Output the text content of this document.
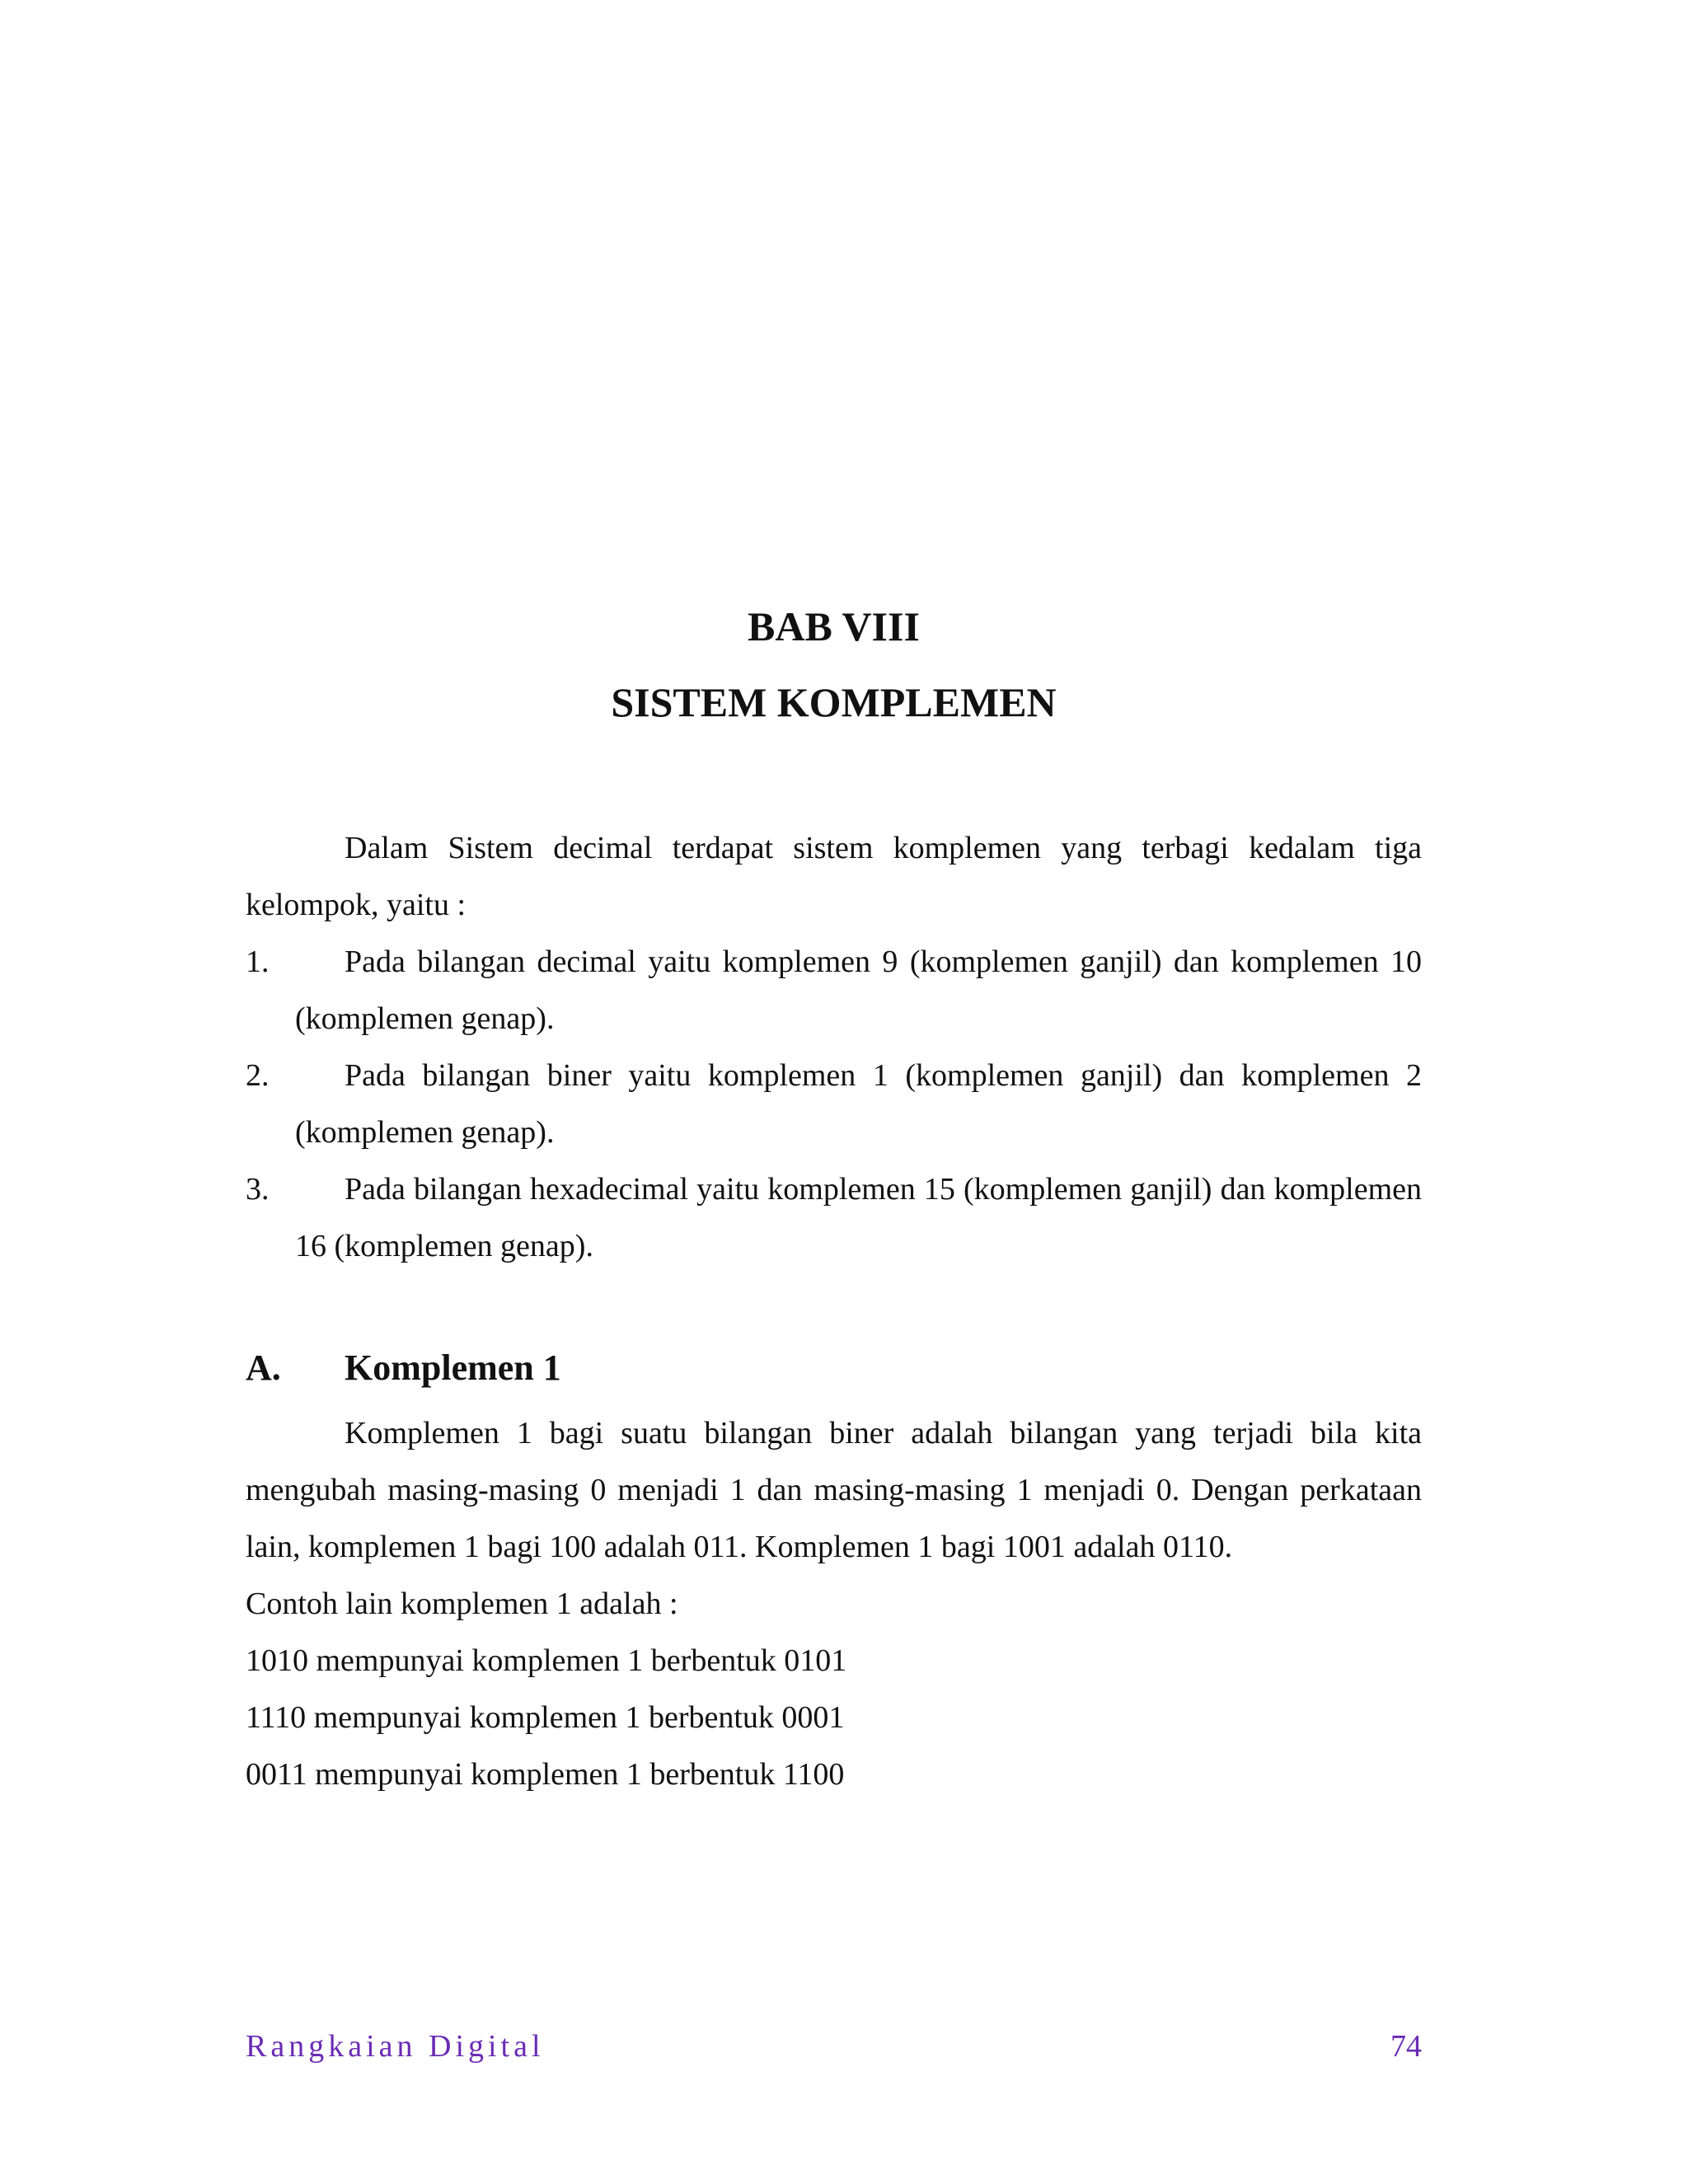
BAB VIII
SISTEM KOMPLEMEN

Dalam Sistem decimal terdapat sistem komplemen yang terbagi kedalam tiga kelompok, yaitu :

1.	Pada bilangan decimal yaitu komplemen 9 (komplemen ganjil) dan komplemen 10 (komplemen genap).
2.	Pada bilangan biner yaitu komplemen 1 (komplemen ganjil) dan komplemen 2 (komplemen genap).
3.	Pada bilangan hexadecimal yaitu komplemen 15 (komplemen ganjil) dan komplemen 16 (komplemen genap).
A. Komplemen 1

Komplemen 1 bagi suatu bilangan biner adalah bilangan yang terjadi bila kita mengubah masing-masing 0 menjadi 1 dan masing-masing 1 menjadi 0. Dengan perkataan lain, komplemen 1 bagi 100 adalah 011. Komplemen 1 bagi 1001 adalah 0110.

Contoh lain komplemen 1 adalah :

1010 mempunyai komplemen 1 berbentuk 0101

1110 mempunyai komplemen 1 berbentuk 0001

0011 mempunyai komplemen 1 berbentuk 1100

Rangkaian Digital	74
